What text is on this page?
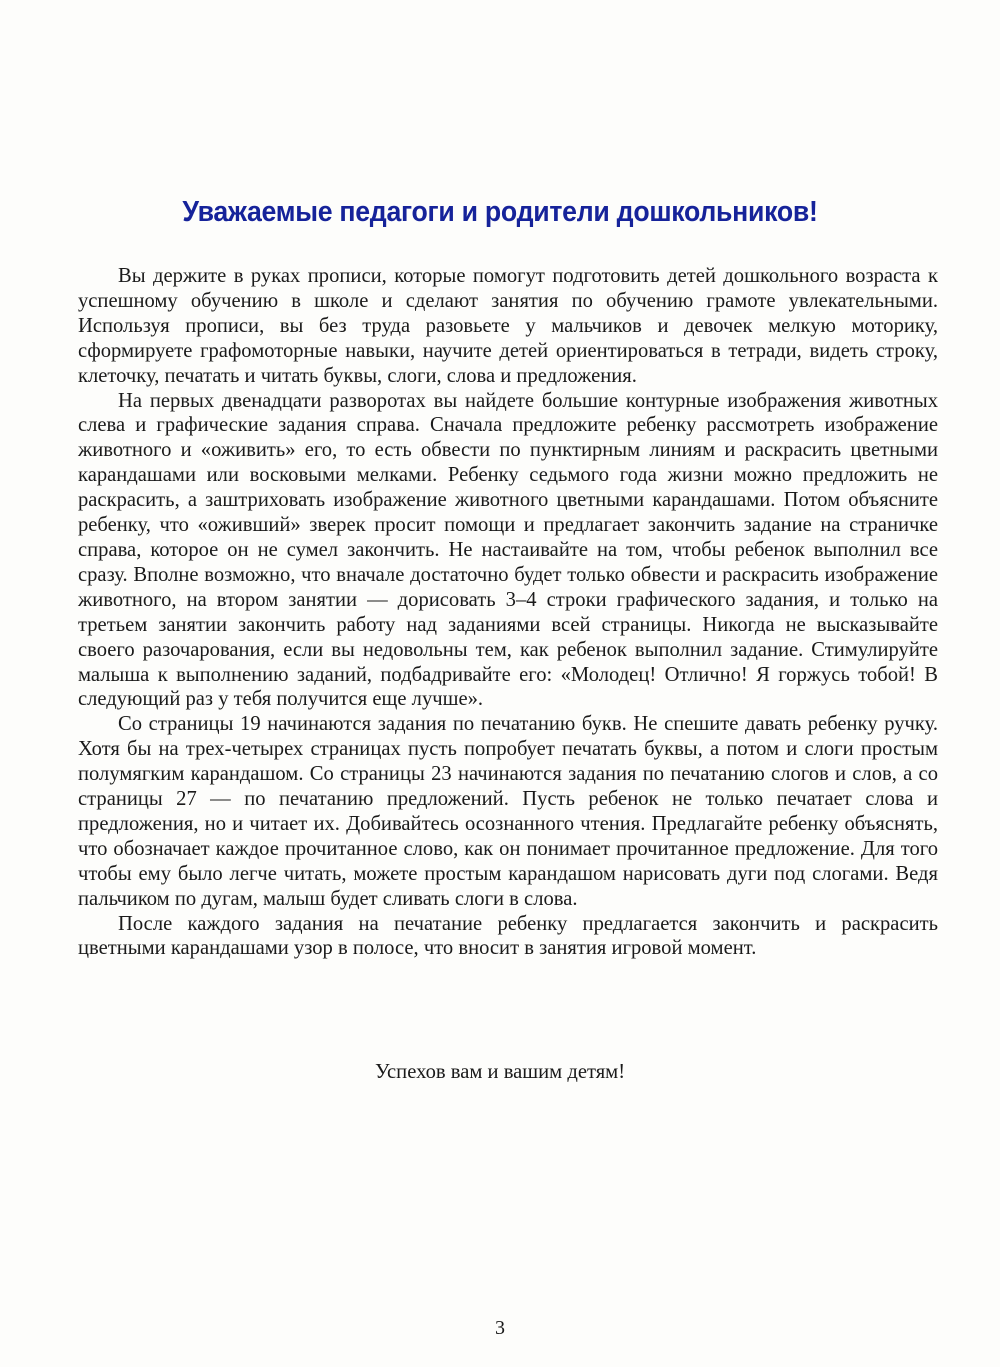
Уважаемые педагоги и родители дошкольников!

Вы держите в руках прописи, которые помогут подготовить детей дошкольного возраста к успешному обучению в школе и сделают занятия по обучению грамоте увлекательными. Используя прописи, вы без труда разовьете у мальчиков и девочек мелкую моторику, сформируете графомоторные навыки, научите детей ориентироваться в тетради, видеть строку, клеточку, печатать и читать буквы, слоги, слова и предложения.

На первых двенадцати разворотах вы найдете большие контурные изображения животных слева и графические задания справа. Сначала предложите ребенку рассмотреть изображение животного и «оживить» его, то есть обвести по пунктирным линиям и раскрасить цветными карандашами или восковыми мелками. Ребенку седьмого года жизни можно предложить не раскрасить, а заштриховать изображение животного цветными карандашами. Потом объясните ребенку, что «оживший» зверек просит помощи и предлагает закончить задание на страничке справа, которое он не сумел закончить. Не настаивайте на том, чтобы ребенок выполнил все сразу. Вполне возможно, что вначале достаточно будет только обвести и раскрасить изображение животного, на втором занятии — дорисовать 3–4 строки графического задания, и только на третьем занятии закончить работу над заданиями всей страницы. Никогда не высказывайте своего разочарования, если вы недовольны тем, как ребенок выполнил задание. Стимулируйте малыша к выполнению заданий, подбадривайте его: «Молодец! Отлично! Я горжусь тобой! В следующий раз у тебя получится еще лучше».

Со страницы 19 начинаются задания по печатанию букв. Не спешите давать ребенку ручку. Хотя бы на трех-четырех страницах пусть попробует печатать буквы, а потом и слоги простым полумягким карандашом. Со страницы 23 начинаются задания по печатанию слогов и слов, а со страницы 27 — по печатанию предложений. Пусть ребенок не только печатает слова и предложения, но и читает их. Добивайтесь осознанного чтения. Предлагайте ребенку объяснять, что обозначает каждое прочитанное слово, как он понимает прочитанное предложение. Для того чтобы ему было легче читать, можете простым карандашом нарисовать дуги под слогами. Ведя пальчиком по дугам, малыш будет сливать слоги в слова.

После каждого задания на печатание ребенку предлагается закончить и раскрасить цветными карандашами узор в полосе, что вносит в занятия игровой момент.

Успехов вам и вашим детям!

3
